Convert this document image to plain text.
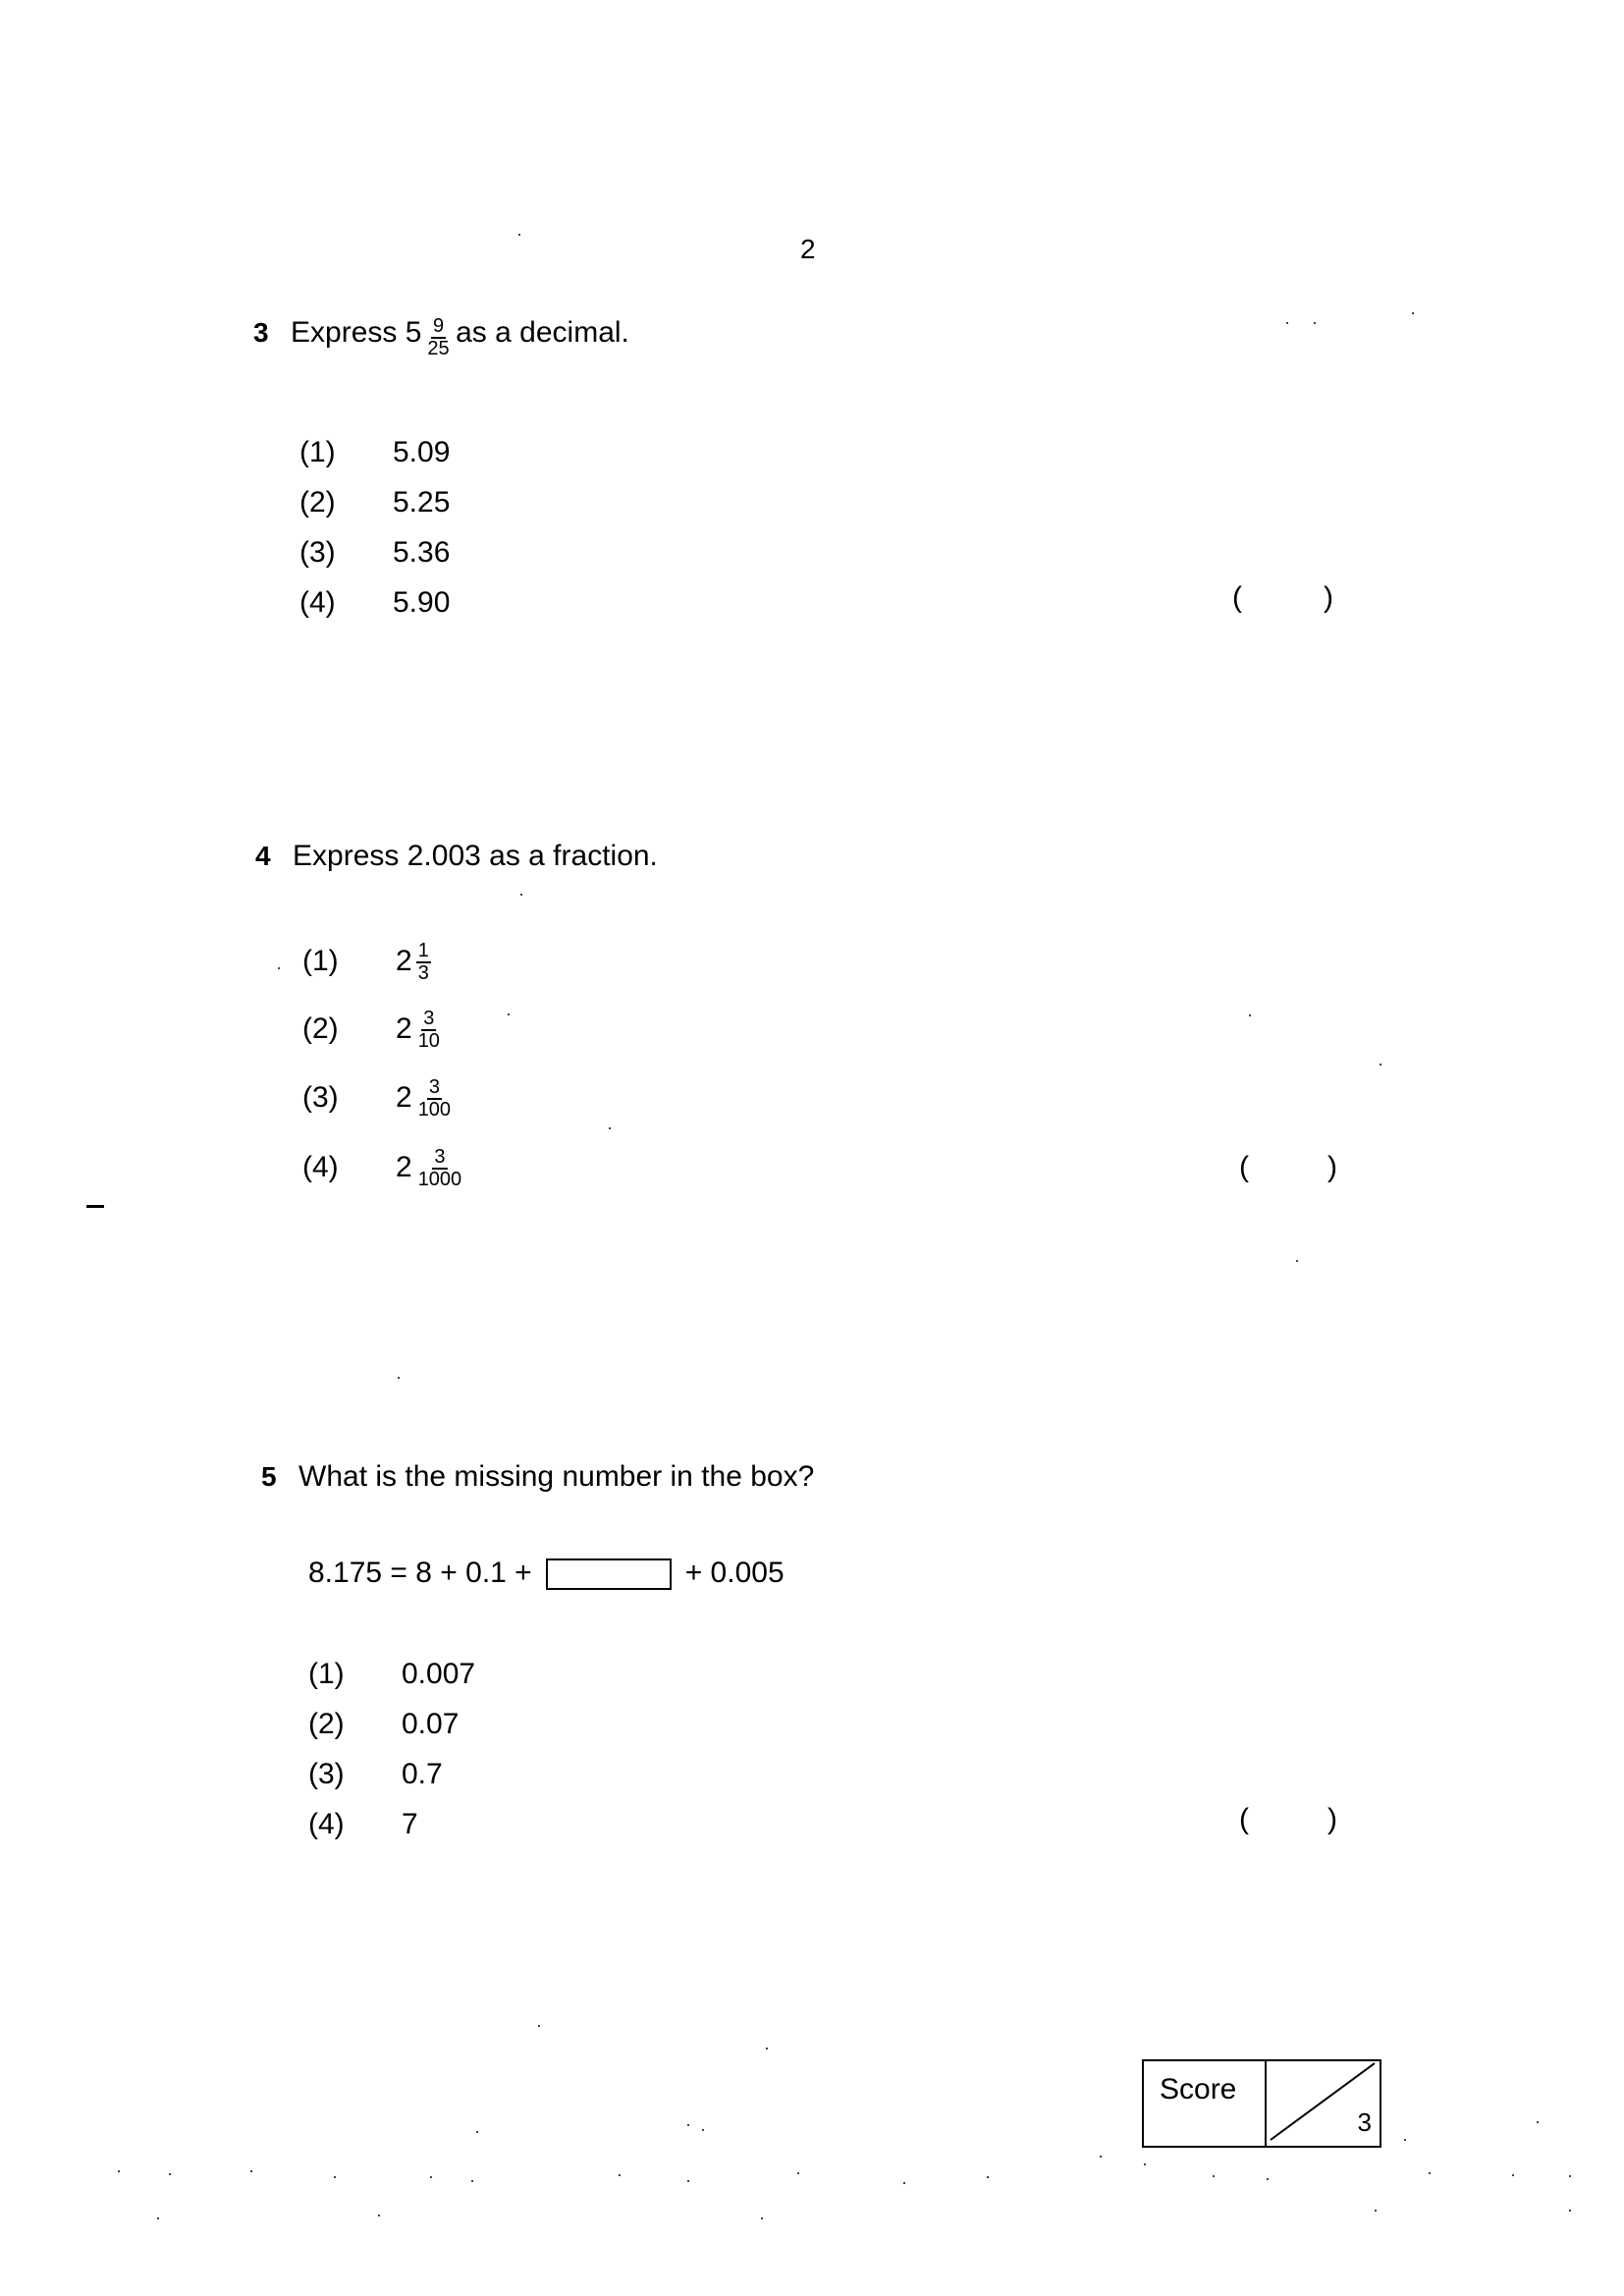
2
3 Express $5 \frac{9}{25}$ as a decimal.
(1) 5.09
(2) 5.25
(3) 5.36
(4) 5.90	(	)
4 Express 2.003 as a fraction.
(1) $2 \frac{1}{3}$
(2) $2 \frac{3}{10}$
(3) $2 \frac{3}{100}$
(4) $2 \frac{3}{1000}$	(	)
5 What is the missing number in the box?
8.175 = 8 + 0.1 +	+ 0.005
(1) 0.007
(2) 0.07
(3) 0.7
(4) 7	(	)
Score
3
